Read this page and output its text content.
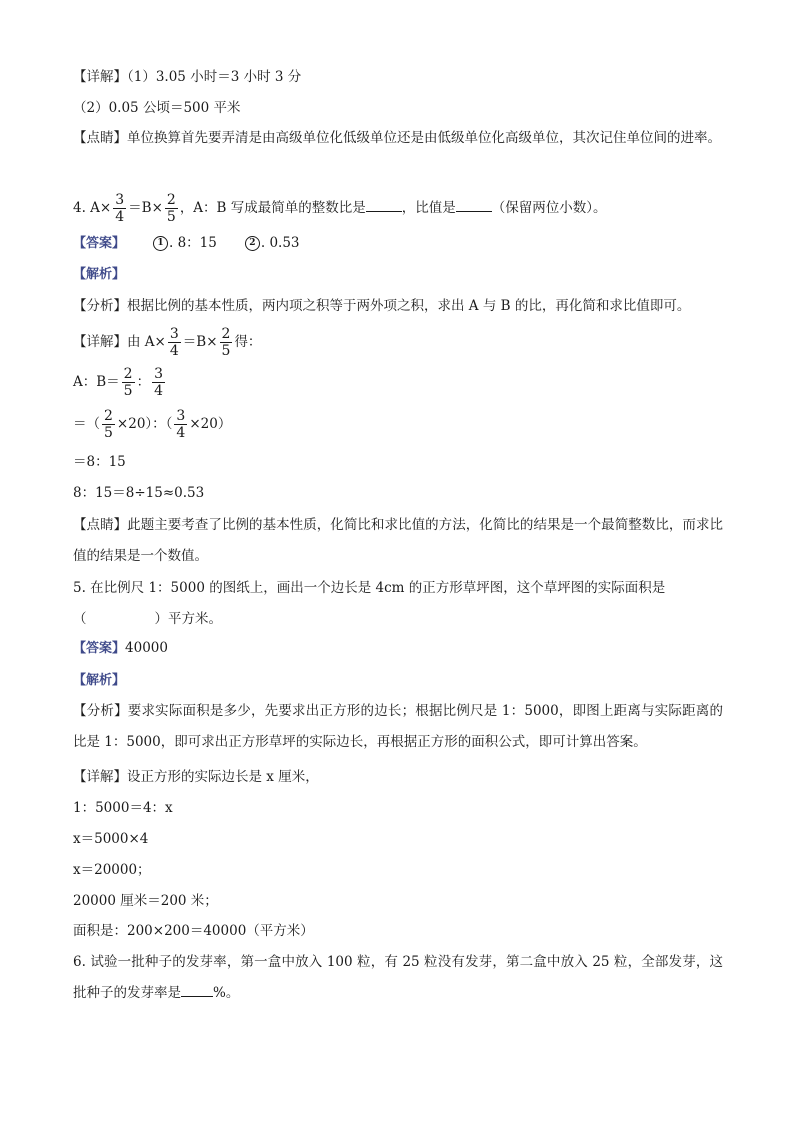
【详解】（1）3.05 小时＝3 小时 3 分
（2）0.05 公顷＝500 平米
【点睛】单位换算首先要弄清是由高级单位化低级单位还是由低级单位化高级单位，其次记住单位间的进率。
4. $A\times \frac{3}{4} =B\times \frac{2}{5}$ ，A：B 写成最简单的整数比是	，比值是	（保留两位小数）。
【答案】	1 . 8：15	2 . 0.53
【解析】
【分析】根据比例的基本性质，两内项之积等于两外项之积，求出 A 与 B 的比，再化简和求比值即可。
【详解】由 $A\times \frac{3}{4} =B\times \frac{2}{5}$ 得：
A：$B= \frac{2}{5}$ ： $\frac{3}{4}$
＝（ $\frac{2}{5} \times 20$）：（ $\frac{3}{4} \times 20$）
＝8：15
8：15＝8÷15≈0.53
【点睛】此题主要考查了比例的基本性质，化简比和求比值的方法，化简比的结果是一个最简整数比，而求比值的结果是一个数值。
5. 在比例尺 1：5000 的图纸上，画出一个边长是 4cm 的正方形草坪图，这个草坪图的实际面积是
（	）平方米。
【答案】40000
【解析】
【分析】要求实际面积是多少，先要求出正方形的边长；根据比例尺是 1：5000，即图上距离与实际距离的比是 1：5000，即可求出正方形草坪的实际边长，再根据正方形的面积公式，即可计算出答案。
【详解】设正方形的实际边长是 x 厘米，
1：5000＝4：x
x＝5000×4
x＝20000；
20000 厘米＝200 米；
面积是：200×200＝40000（平方米）
6. 试验一批种子的发芽率，第一盒中放入 100 粒，有 25 粒没有发芽，第二盒中放入 25 粒，全部发芽，这批种子的发芽率是 %。
